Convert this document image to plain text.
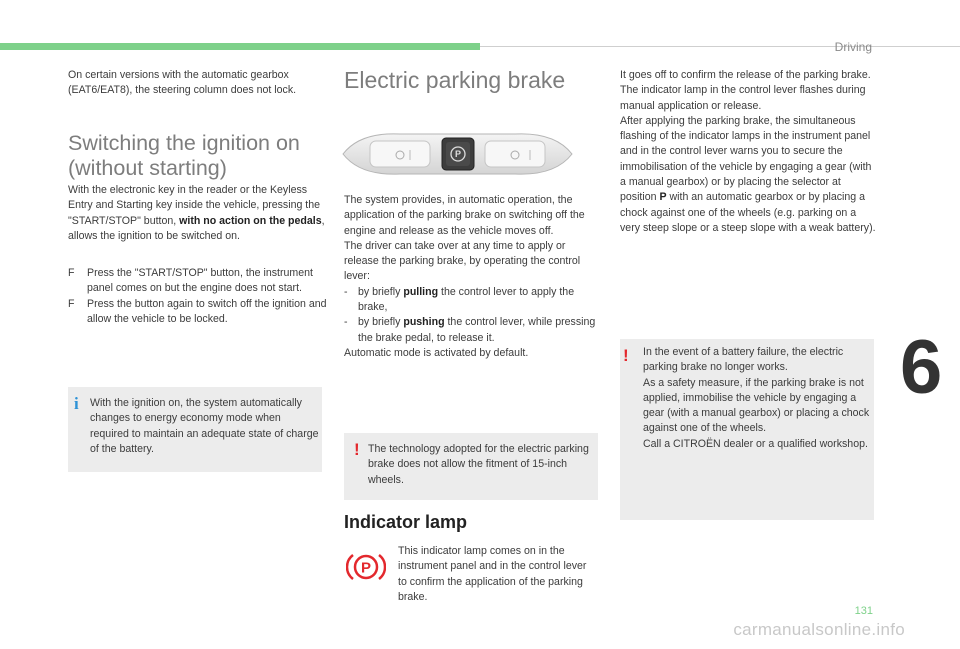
Driving
On certain versions with the automatic gearbox (EAT6/EAT8), the steering column does not lock.
Switching the ignition on
(without starting)
With the electronic key in the reader or the Keyless Entry and Starting key inside the vehicle, pressing the "START/STOP" button, with no action on the pedals, allows the ignition to be switched on.
F Press the "START/STOP" button, the instrument panel comes on but the engine does not start.
F Press the button again to switch off the ignition and allow the vehicle to be locked.
i With the ignition on, the system automatically changes to energy economy mode when required to maintain an adequate state of charge of the battery.
Electric parking brake
P

The system provides, in automatic operation, the application of the parking brake on switching off the engine and release as the vehicle moves off.

The driver can take over at any time to apply or release the parking brake, by operating the control lever:

- by briefly pulling the control lever to apply the brake,
- by briefly pushing the control lever, while pressing the brake pedal, to release it.

Automatic mode is activated by default.

! The technology adopted for the electric parking brake does not allow the fitment of 15-inch wheels.
Indicator lamp
P
This indicator lamp comes on in the instrument panel and in the control lever to confirm the application of the parking brake.

It goes off to confirm the release of the parking brake.

The indicator lamp in the control lever flashes during manual application or release.

After applying the parking brake, the simultaneous flashing of the indicator lamps in the instrument panel and in the control lever warns you to secure the immobilisation of the vehicle by engaging a gear (with a manual gearbox) or by placing the selector at position P with an automatic gearbox or by placing a chock against one of the wheels (e.g. parking on a very steep slope or a steep slope with a weak battery).

! In the event of a battery failure, the electric parking brake no longer works.

As a safety measure, if the parking brake is not applied, immobilise the vehicle by engaging a gear (with a manual gearbox) or placing a chock against one of the wheels.

Call a CITROËN dealer or a qualified workshop.

6
131
carmanualsonline.info
